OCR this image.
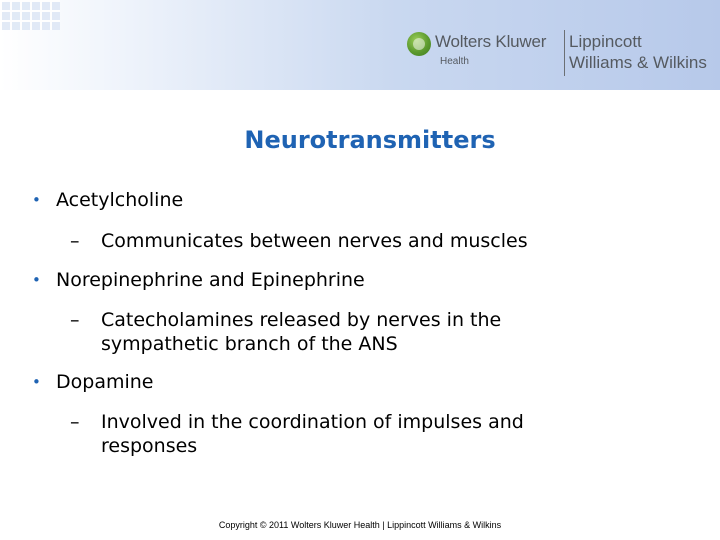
Wolters Kluwer
Health
Lippincott
Williams & Wilkins
Neurotransmitters
• Acetylcholine
– Communicates between nerves and muscles
• Norepinephrine and Epinephrine
– Catecholamines released by nerves in the sympathetic branch of the ANS
• Dopamine
– Involved in the coordination of impulses and responses
Copyright © 2011 Wolters Kluwer Health | Lippincott Williams & Wilkins
